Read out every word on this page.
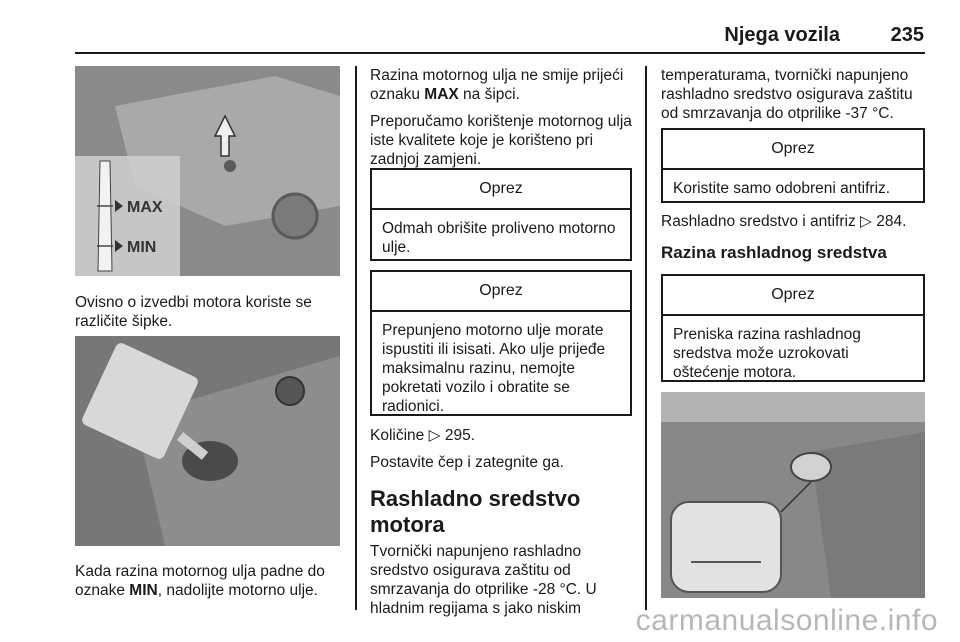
Njega vozila	235
MAX
MIN

Ovisno o izvedbi motora koriste se različite šipke.

Kada razina motornog ulja padne do oznake MIN, nadolijte motorno ulje.

Razina motornog ulja ne smije prijeći oznaku MAX na šipci.

Preporučamo korištenje motornog ulja iste kvalitete koje je korišteno pri zadnjoj zamjeni.

Oprez
Odmah obrišite proliveno motorno ulje.
Oprez
Prepunjeno motorno ulje morate ispustiti ili isisati. Ako ulje prijeđe maksimalnu razinu, nemojte pokretati vozilo i obratite se radionici.

Količine ▷ 295.

Postavite čep i zategnite ga.

Rashladno sredstvo motora

Tvornički napunjeno rashladno sredstvo osigurava zaštitu od smrzavanja do otprilike -28 °C. U hladnim regijama s jako niskim

temperaturama, tvornički napunjeno rashladno sredstvo osigurava zaštitu od smrzavanja do otprilike -37 °C.

Oprez
Koristite samo odobreni antifriz.

Rashladno sredstvo i antifriz ▷ 284.

Razina rashladnog sredstva
Oprez
Preniska razina rashladnog sredstva može uzrokovati oštećenje motora.
carmanualsonline.info
